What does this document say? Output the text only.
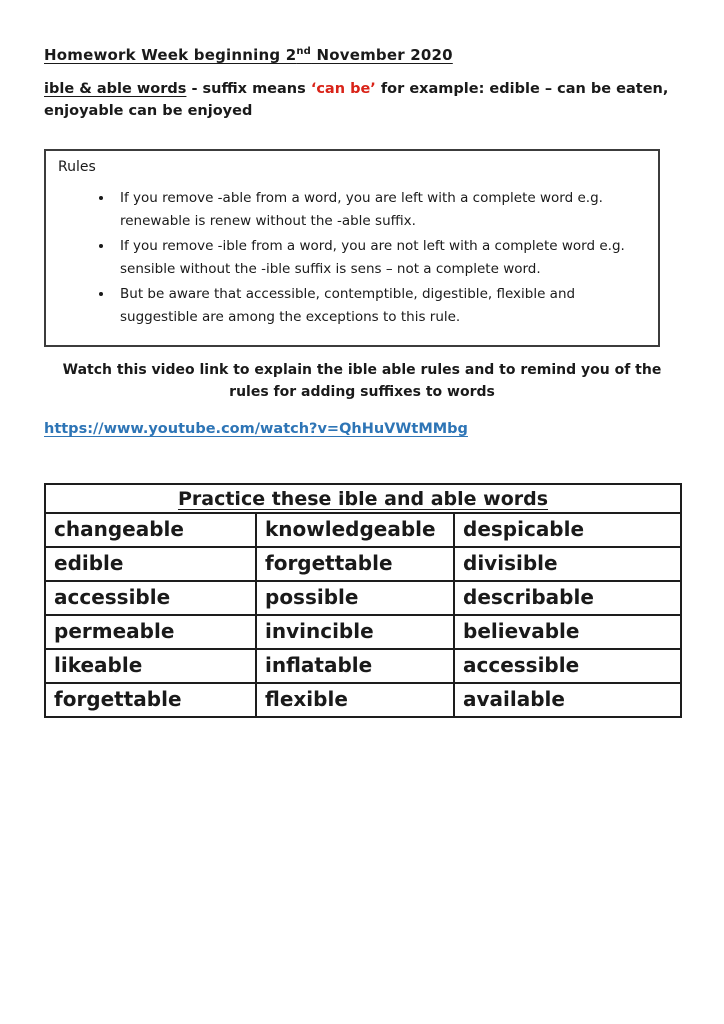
Homework Week beginning 2nd November 2020
ible & able words - suffix means ‘can be’ for example: edible – can be eaten, enjoyable can be enjoyed
Rules
• If you remove -able from a word, you are left with a complete word e.g. renewable is renew without the -able suffix.
• If you remove -ible from a word, you are not left with a complete word e.g. sensible without the -ible suffix is sens – not a complete word.
• But be aware that accessible, contemptible, digestible, flexible and suggestible are among the exceptions to this rule.
Watch this video link to explain the ible able rules and to remind you of the rules for adding suffixes to words
https://www.youtube.com/watch?v=QhHuVWtMMbg
Practice these ible and able words		
changeable	knowledgeable	despicable
edible	forgettable	divisible
accessible	possible	describable
permeable	invincible	believable
likeable	inflatable	accessible
forgettable	flexible	available
